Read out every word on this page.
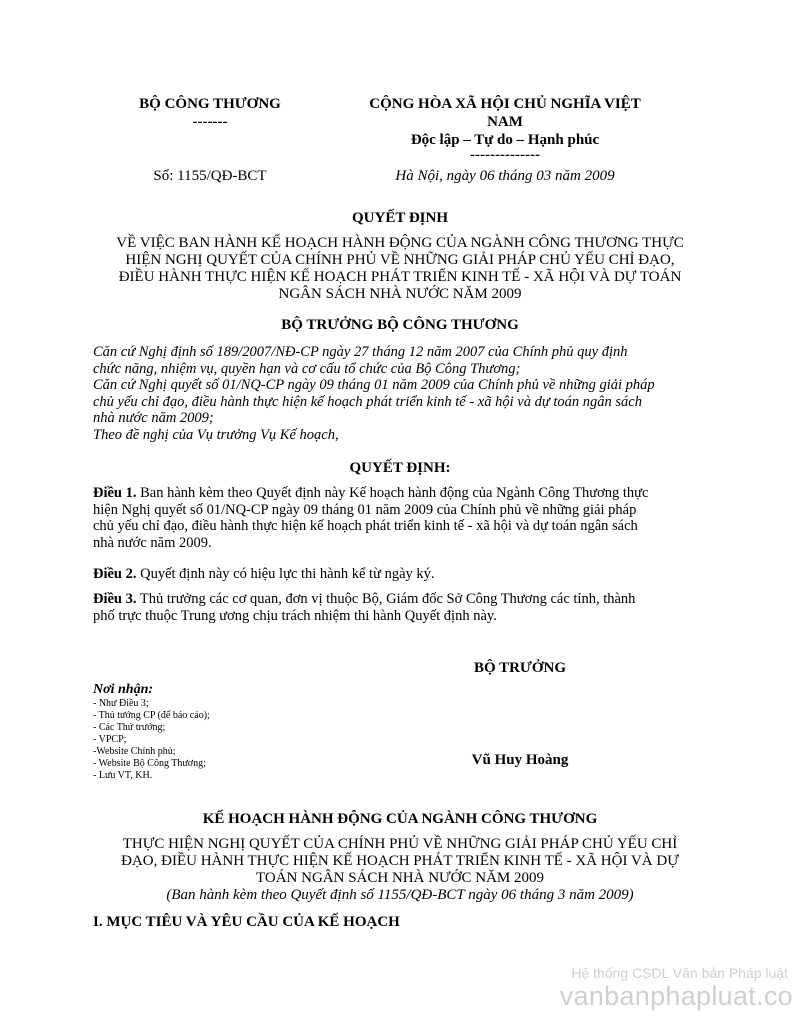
BỘ CÔNG THƯƠNG
-------
CỘNG HÒA XÃ HỘI CHỦ NGHĨA VIỆT
NAM
Độc lập – Tự do – Hạnh phúc
--------------
Số: 1155/QĐ-BCT	Hà Nội, ngày 06 tháng 03 năm 2009
QUYẾT ĐỊNH
VỀ VIỆC BAN HÀNH KẾ HOẠCH HÀNH ĐỘNG CỦA NGÀNH CÔNG THƯƠNG THỰC
HIỆN NGHỊ QUYẾT CỦA CHÍNH PHỦ VỀ NHỮNG GIẢI PHÁP CHỦ YẾU CHỈ ĐẠO,
ĐIỀU HÀNH THỰC HIỆN KẾ HOẠCH PHÁT TRIỂN KINH TẾ - XÃ HỘI VÀ DỰ TOÁN
NGÂN SÁCH NHÀ NƯỚC NĂM 2009
BỘ TRƯỞNG BỘ CÔNG THƯƠNG
Căn cứ Nghị định số 189/2007/NĐ-CP ngày 27 tháng 12 năm 2007 của Chính phủ quy định
chức năng, nhiệm vụ, quyền hạn và cơ cấu tổ chức của Bộ Công Thương;
Căn cứ Nghị quyết số 01/NQ-CP ngày 09 tháng 01 năm 2009 của Chính phủ về những giải pháp
chủ yếu chỉ đạo, điều hành thực hiện kế hoạch phát triển kinh tế - xã hội và dự toán ngân sách
nhà nước năm 2009;
Theo đề nghị của Vụ trưởng Vụ Kế hoạch,
QUYẾT ĐỊNH:
Điều 1. Ban hành kèm theo Quyết định này Kế hoạch hành động của Ngành Công Thương thực
hiện Nghị quyết số 01/NQ-CP ngày 09 tháng 01 năm 2009 của Chính phủ về những giải pháp
chủ yếu chỉ đạo, điều hành thực hiện kế hoạch phát triển kinh tế - xã hội và dự toán ngân sách
nhà nước năm 2009.
Điều 2. Quyết định này có hiệu lực thi hành kể từ ngày ký.
Điều 3. Thủ trưởng các cơ quan, đơn vị thuộc Bộ, Giám đốc Sở Công Thương các tỉnh, thành
phố trực thuộc Trung ương chịu trách nhiệm thi hành Quyết định này.
BỘ TRƯỞNG
Vũ Huy Hoàng
Nơi nhận:
- Như Điều 3;
- Thủ tướng CP (để báo cáo);
- Các Thứ trưởng;
- VPCP;
-Website Chính phủ;
- Website Bộ Công Thương;
- Lưu VT, KH.
KẾ HOẠCH HÀNH ĐỘNG CỦA NGÀNH CÔNG THƯƠNG
THỰC HIỆN NGHỊ QUYẾT CỦA CHÍNH PHỦ VỀ NHỮNG GIẢI PHÁP CHỦ YẾU CHỈ
ĐẠO, ĐIỀU HÀNH THỰC HIỆN KẾ HOẠCH PHÁT TRIỂN KINH TẾ - XÃ HỘI VÀ DỰ
TOÁN NGÂN SÁCH NHÀ NƯỚC NĂM 2009
(Ban hành kèm theo Quyết định số 1155/QĐ-BCT ngày 06 tháng 3 năm 2009)
I. MỤC TIÊU VÀ YÊU CẦU CỦA KẾ HOẠCH
Hệ thống CSDL Văn bản Pháp luật
vanbanphapluat.co
